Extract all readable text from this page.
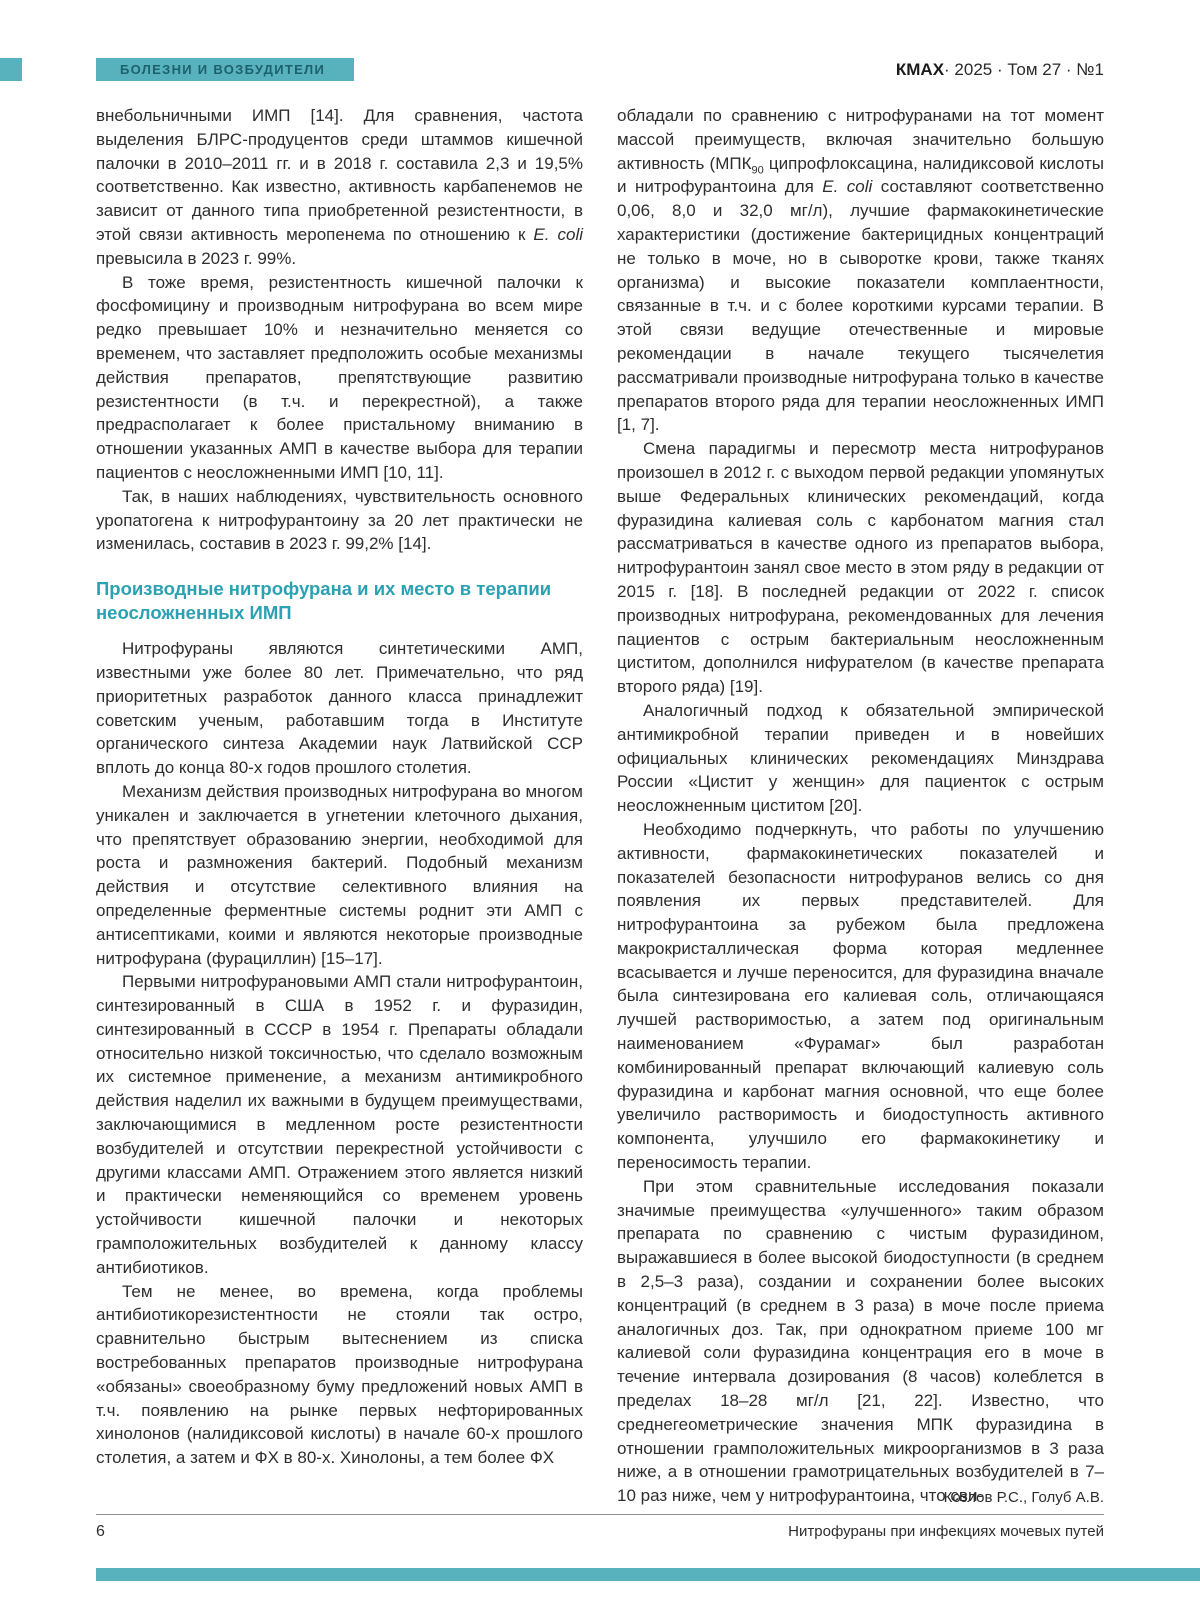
БОЛЕЗНИ И ВОЗБУДИТЕЛИ	КМАХ · 2025 · Том 27 · №1

внебольничными ИМП [14]. Для сравнения, частота выделения БЛРС-продуцентов среди штаммов кишечной палочки в 2010–2011 гг. и в 2018 г. составила 2,3 и 19,5% соответственно. Как известно, активность карбапенемов не зависит от данного типа приобретенной резистентности, в этой связи активность меропенема по отношению к E. coli превысила в 2023 г. 99%.

В тоже время, резистентность кишечной палочки к фосфомицину и производным нитрофурана во всем мире редко превышает 10% и незначительно меняется со временем, что заставляет предположить особые механизмы действия препаратов, препятствующие развитию резистентности (в т.ч. и перекрестной), а также предрасполагает к более пристальному вниманию в отношении указанных АМП в качестве выбора для терапии пациентов с неосложненными ИМП [10, 11].

Так, в наших наблюдениях, чувствительность основного уропатогена к нитрофурантоину за 20 лет практически не изменилась, составив в 2023 г. 99,2% [14].

Производные нитрофурана и их место в терапии неосложненных ИМП

Нитрофураны являются синтетическими АМП, известными уже более 80 лет. Примечательно, что ряд приоритетных разработок данного класса принадлежит советским ученым, работавшим тогда в Институте органического синтеза Академии наук Латвийской ССР вплоть до конца 80-х годов прошлого столетия.

Механизм действия производных нитрофурана во многом уникален и заключается в угнетении клеточного дыхания, что препятствует образованию энергии, необходимой для роста и размножения бактерий. Подобный механизм действия и отсутствие селективного влияния на определенные ферментные системы роднит эти АМП с антисептиками, коими и являются некоторые производные нитрофурана (фурациллин) [15–17].

Первыми нитрофурановыми АМП стали нитрофурантоин, синтезированный в США в 1952 г. и фуразидин, синтезированный в СССР в 1954 г. Препараты обладали относительно низкой токсичностью, что сделало возможным их системное применение, а механизм антимикробного действия наделил их важными в будущем преимуществами, заключающимися в медленном росте резистентности возбудителей и отсутствии перекрестной устойчивости с другими классами АМП. Отражением этого является низкий и практически неменяющийся со временем уровень устойчивости кишечной палочки и некоторых грамположительных возбудителей к данному классу антибиотиков.

Тем не менее, во времена, когда проблемы антибиотикорезистентности не стояли так остро, сравнительно быстрым вытеснением из списка востребованных препаратов производные нитрофурана «обязаны» своеобразному буму предложений новых АМП в т.ч. появлению на рынке первых нефторированных хинолонов (налидиксовой кислоты) в начале 60-х прошлого столетия, а затем и ФХ в 80-х. Хинолоны, а тем более ФХ

обладали по сравнению с нитрофуранами на тот момент массой преимуществ, включая значительно большую активность ($МПК_{90}$ ципрофлоксацина, налидиксовой кислоты и нитрофурантоина для E. coli составляют соответственно 0,06, 8,0 и 32,0 мг/л), лучшие фармакокинетические характеристики (достижение бактерицидных концентраций не только в моче, но в сыворотке крови, также тканях организма) и высокие показатели комплаентности, связанные в т.ч. и с более короткими курсами терапии. В этой связи ведущие отечественные и мировые рекомендации в начале текущего тысячелетия рассматривали производные нитрофурана только в качестве препаратов второго ряда для терапии неосложненных ИМП [1, 7].

Смена парадигмы и пересмотр места нитрофуранов произошел в 2012 г. с выходом первой редакции упомянутых выше Федеральных клинических рекомендаций, когда фуразидина калиевая соль с карбонатом магния стал рассматриваться в качестве одного из препаратов выбора, нитрофурантоин занял свое место в этом ряду в редакции от 2015 г. [18]. В последней редакции от 2022 г. список производных нитрофурана, рекомендованных для лечения пациентов с острым бактериальным неосложненным циститом, дополнился нифурателом (в качестве препарата второго ряда) [19].

Аналогичный подход к обязательной эмпирической антимикробной терапии приведен и в новейших официальных клинических рекомендациях Минздрава России «Цистит у женщин» для пациенток с острым неосложненным циститом [20].

Необходимо подчеркнуть, что работы по улучшению активности, фармакокинетических показателей и показателей безопасности нитрофуранов велись со дня появления их первых представителей. Для нитрофурантоина за рубежом была предложена макрокристаллическая форма которая медленнее всасывается и лучше переносится, для фуразидина вначале была синтезирована его калиевая соль, отличающаяся лучшей растворимостью, а затем под оригинальным наименованием «Фурамаг» был разработан комбинированный препарат включающий калиевую соль фуразидина и карбонат магния основной, что еще более увеличило растворимость и биодоступность активного компонента, улучшило его фармакокинетику и переносимость терапии.

При этом сравнительные исследования показали значимые преимущества «улучшенного» таким образом препарата по сравнению с чистым фуразидином, выражавшиеся в более высокой биодоступности (в среднем в 2,5–3 раза), создании и сохранении более высоких концентраций (в среднем в 3 раза) в моче после приема аналогичных доз. Так, при однократном приеме 100 мг калиевой соли фуразидина концентрация его в моче в течение интервала дозирования (8 часов) колеблется в пределах 18–28 мг/л [21, 22]. Известно, что среднегеометрические значения МПК фуразидина в отношении грамположительных микроорганизмов в 3 раза ниже, а в отношении грамотрицательных возбудителей в 7–10 раз ниже, чем у нитрофурантоина, что сви-

Козлов Р.С., Голуб А.В.
6	Нитрофураны при инфекциях мочевых путей
